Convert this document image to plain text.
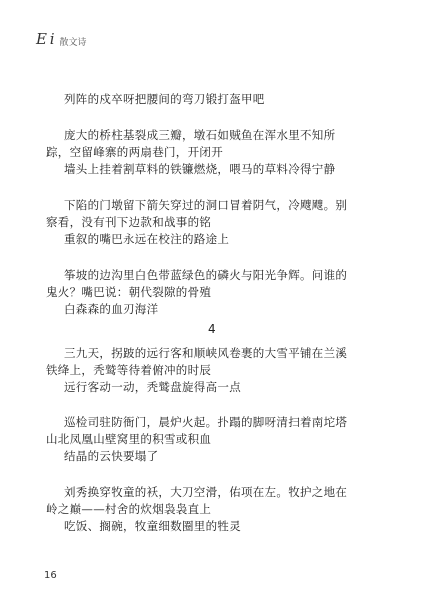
E i 散文诗
列阵的戍卒呀把腰间的弯刀锻打盔甲吧
庞大的桥柱基裂成三瓣，墩石如贼鱼在浑水里不知所
踪，空留峰寨的两扇巷门，开闭开
墙头上挂着割草料的铁镰燃烧，喂马的草料冷得宁静
下陷的门墩留下箭矢穿过的洞口冒着阴气，冷飕飕。别
察看，没有刊下边款和战事的铭
重叙的嘴巴永远在校注的路途上
筝坡的边沟里白色带蓝绿色的磷火与阳光争辉。问谁的
鬼火？嘴巴说：朝代裂隙的骨殖
白森森的血刃海洋
4
三九天，拐跛的远行客和顺峡风卷裹的大雪平铺在兰溪
铁绛上，秃鹫等待着俯冲的时辰
远行客动一动，秃鹫盘旋得高一点
巡检司驻防衙门，晨炉火起。扑蹋的脚呀清扫着南坨塔
山北凤凰山壁窝里的积雪或积血
结晶的云快要塌了
刘秀换穿牧童的袄，大刀空滑，佑项在左。牧护之地在
岭之巅——村舍的炊烟袅袅直上
吃饭、搁碗，牧童细数圈里的牲灵
16
